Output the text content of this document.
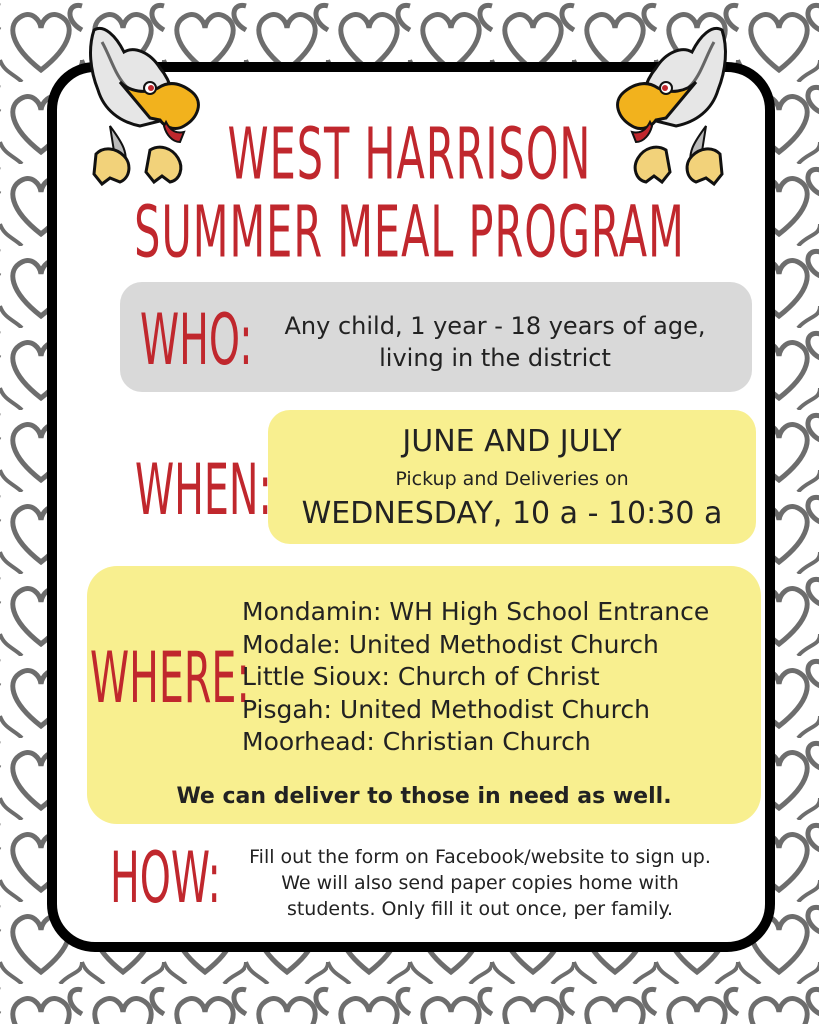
WEST HARRISON
SUMMER MEAL PROGRAM
WHO:	Any child, 1 year - 18 years of age,
living in the district
WHEN:
JUNE AND JULY
Pickup and Deliveries on
WEDNESDAY, 10 a - 10:30 a
WHERE:
Mondamin: WH High School Entrance
Modale: United Methodist Church
Little Sioux: Church of Christ
Pisgah: United Methodist Church
Moorhead: Christian Church
We can deliver to those in need as well.
HOW:	Fill out the form on Facebook/website to sign up.
We will also send paper copies home with
students. Only fill it out once, per family.
